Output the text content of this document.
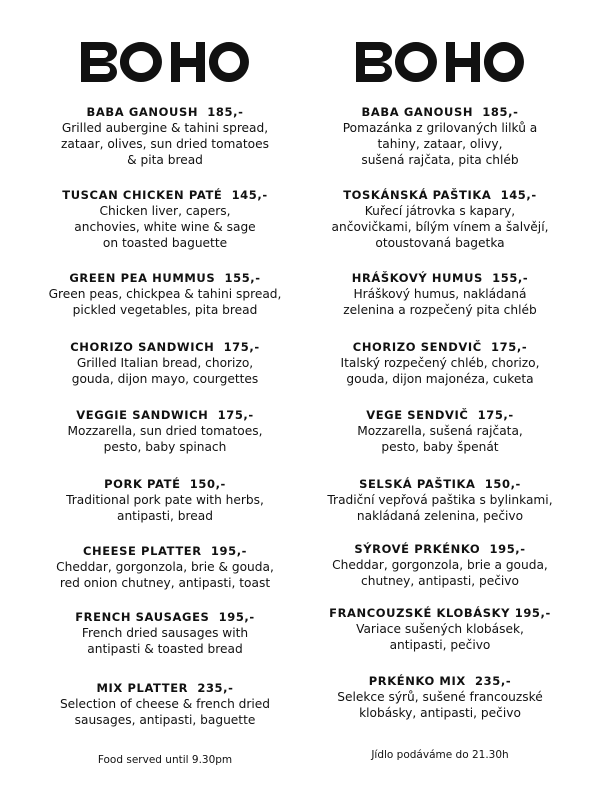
BABA GANOUSH 185,-
Grilled aubergine & tahini spread,
zataar, olives, sun dried tomatoes
& pita bread
TUSCAN CHICKEN PATÉ 145,-
Chicken liver, capers,
anchovies, white wine & sage
on toasted baguette
GREEN PEA HUMMUS 155,-
Green peas, chickpea & tahini spread,
pickled vegetables, pita bread
CHORIZO SANDWICH 175,-
Grilled Italian bread, chorizo,
gouda, dijon mayo, courgettes
VEGGIE SANDWICH 175,-
Mozzarella, sun dried tomatoes,
pesto, baby spinach
PORK PATÉ 150,-
Traditional pork pate with herbs,
antipasti, bread
CHEESE PLATTER 195,-
Cheddar, gorgonzola, brie & gouda,
red onion chutney, antipasti, toast
FRENCH SAUSAGES 195,-
French dried sausages with
antipasti & toasted bread
MIX PLATTER 235,-
Selection of cheese & french dried
sausages, antipasti, baguette
Food served until 9.30pm
BABA GANOUSH 185,-
Pomazánka z grilovaných lilků a
tahiny, zataar, olivy,
sušená rajčata, pita chléb
TOSKÁNSKÁ PAŠTIKA 145,-
Kuřecí játrovka s kapary,
ančovičkami, bílým vínem a šalvějí,
otoustovaná bagetka
HRÁŠKOVÝ HUMUS 155,-
Hráškový humus, nakládaná
zelenina a rozpečený pita chléb
CHORIZO SENDVIČ 175,-
Italský rozpečený chléb, chorizo,
gouda, dijon majonéza, cuketa
VEGE SENDVIČ 175,-
Mozzarella, sušená rajčata,
pesto, baby špenát
SELSKÁ PAŠTIKA 150,-
Tradiční vepřová paštika s bylinkami,
nakládaná zelenina, pečivo
SÝROVÉ PRKÉNKO 195,-
Cheddar, gorgonzola, brie a gouda,
chutney, antipasti, pečivo
FRANCOUZSKÉ KLOBÁSKY 195,-
Variace sušených klobásek,
antipasti, pečivo
PRKÉNKO MIX 235,-
Selekce sýrů, sušené francouzské
klobásky, antipasti, pečivo
Jídlo podáváme do 21.30h
